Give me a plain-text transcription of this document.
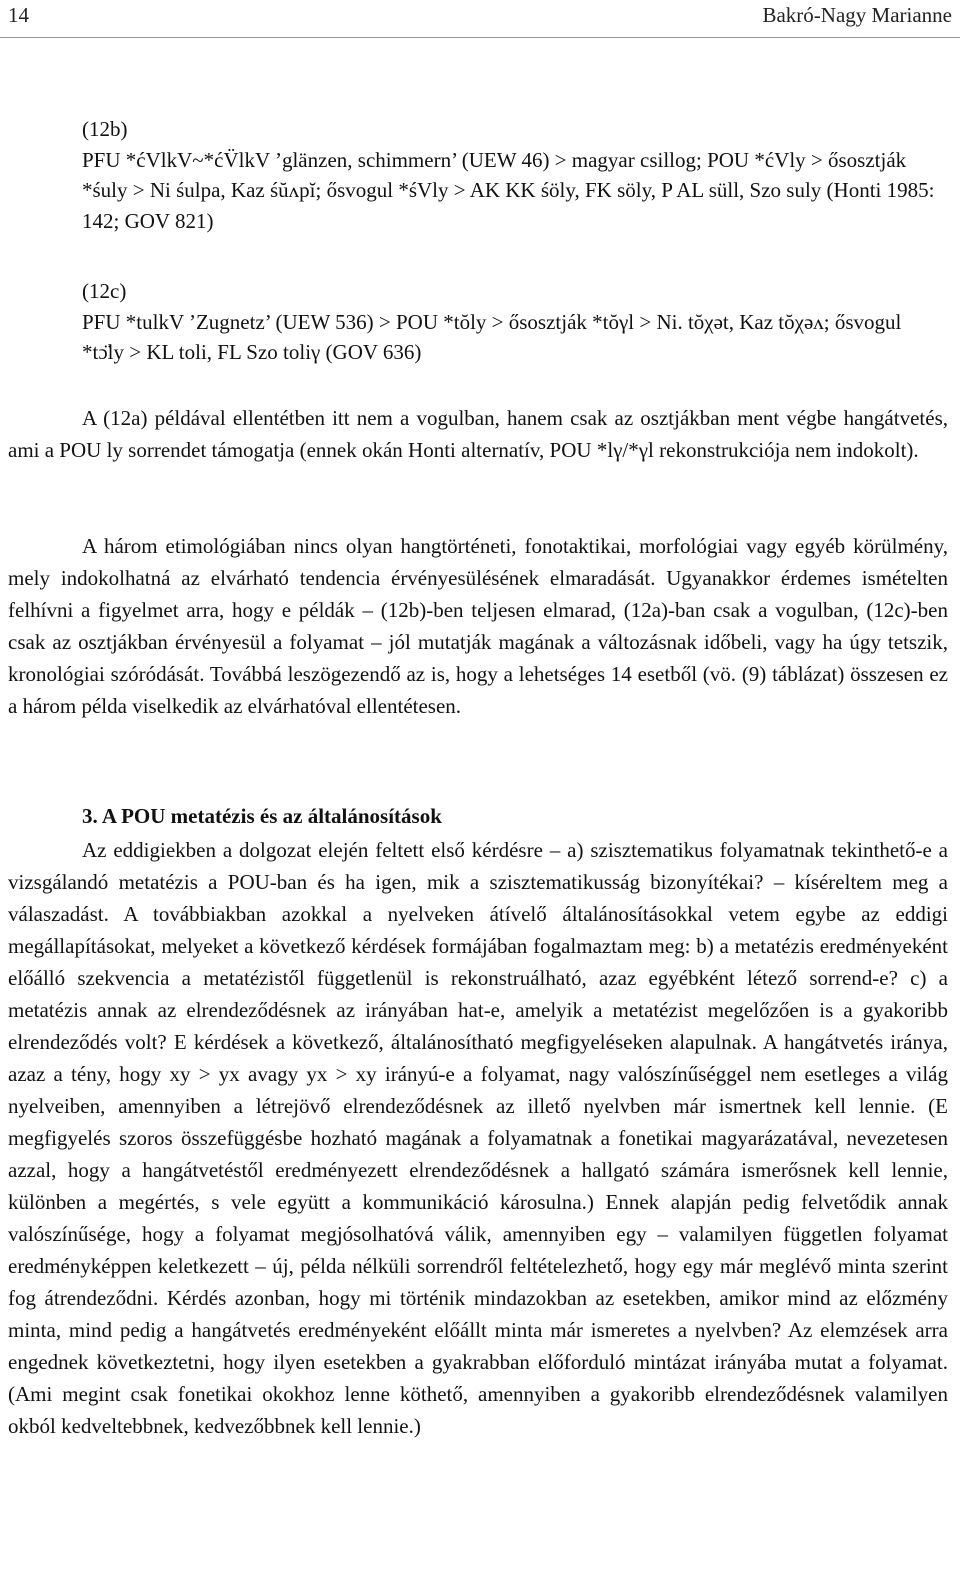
14	Bakró-Nagy Marianne

(12b)

PFU *ćVlkV~*ćV̈lkV ’glänzen, schimmern’ (UEW 46) > magyar csillog; POU *ćVly > ősosztják *śuly > Ni śulpa, Kaz śŭʌpĭ; ősvogul *śVly > AK KK śöly, FK söly, P AL süll, Szo suly (Honti 1985: 142; GOV 821)

(12c)

PFU *tulkV ’Zugnetz’ (UEW 536) > POU *tŏly > ősosztják *tŏγl > Ni. tŏχət, Kaz tŏχəʌ; ősvogul *tɔ̈ly > KL toli, FL Szo toliγ (GOV 636)

A (12a) példával ellentétben itt nem a vogulban, hanem csak az osztjákban ment végbe hangátvetés, ami a POU ly sorrendet támogatja (ennek okán Honti alternatív, POU *lγ/*γl rekonstrukciója nem indokolt).
A három etimológiában nincs olyan hangtörténeti, fonotaktikai, morfológiai vagy egyéb körülmény, mely indokolhatná az elvárható tendencia érvényesülésének elmaradását. Ugyanakkor érdemes ismételten felhívni a figyelmet arra, hogy e példák – (12b)-ben teljesen elmarad, (12a)-ban csak a vogulban, (12c)-ben csak az osztjákban érvényesül a folyamat – jól mutatják magának a változásnak időbeli, vagy ha úgy tetszik, kronológiai szóródását. Továbbá leszögezendő az is, hogy a lehetséges 14 esetből (vö. (9) táblázat) összesen ez a három példa viselkedik az elvárhatóval ellentétesen.
3. A POU metatézis és az általánosítások
Az eddigiekben a dolgozat elején feltett első kérdésre – a) szisztematikus folyamatnak tekinthető-e a vizsgálandó metatézis a POU-ban és ha igen, mik a szisztematikusság bizonyítékai? – kíséreltem meg a válaszadást. A továbbiakban azokkal a nyelveken átívelő általánosításokkal vetem egybe az eddigi megállapításokat, melyeket a következő kérdések formájában fogalmaztam meg: b) a metatézis eredményeként előálló szekvencia a metatézistől függetlenül is rekonstruálható, azaz egyébként létező sorrend-e? c) a metatézis annak az elrendeződésnek az irányában hat-e, amelyik a metatézist megelőzően is a gyakoribb elrendeződés volt? E kérdések a következő, általánosítható megfigyeléseken alapulnak. A hangátvetés iránya, azaz a tény, hogy xy > yx avagy yx > xy irányú-e a folyamat, nagy valószínűséggel nem esetleges a világ nyelveiben, amennyiben a létrejövő elrendeződésnek az illető nyelvben már ismertnek kell lennie. (E megfigyelés szoros összefüggésbe hozható magának a folyamatnak a fonetikai magyarázatával, nevezetesen azzal, hogy a hangátvetéstől eredményezett elrendeződésnek a hallgató számára ismerősnek kell lennie, különben a megértés, s vele együtt a kommunikáció károsulna.) Ennek alapján pedig felvetődik annak valószínűsége, hogy a folyamat megjósolhatóvá válik, amennyiben egy – valamilyen független folyamat eredményképpen keletkezett – új, példa nélküli sorrendről feltételezhető, hogy egy már meglévő minta szerint fog átrendeződni. Kérdés azonban, hogy mi történik mindazokban az esetekben, amikor mind az előzmény minta, mind pedig a hangátvetés eredményeként előállt minta már ismeretes a nyelvben? Az elemzések arra engednek következtetni, hogy ilyen esetekben a gyakrabban előforduló mintázat irányába mutat a folyamat. (Ami megint csak fonetikai okokhoz lenne köthető, amennyiben a gyakoribb elrendeződésnek valamilyen okból kedveltebbnek, kedvezőbbnek kell lennie.)
